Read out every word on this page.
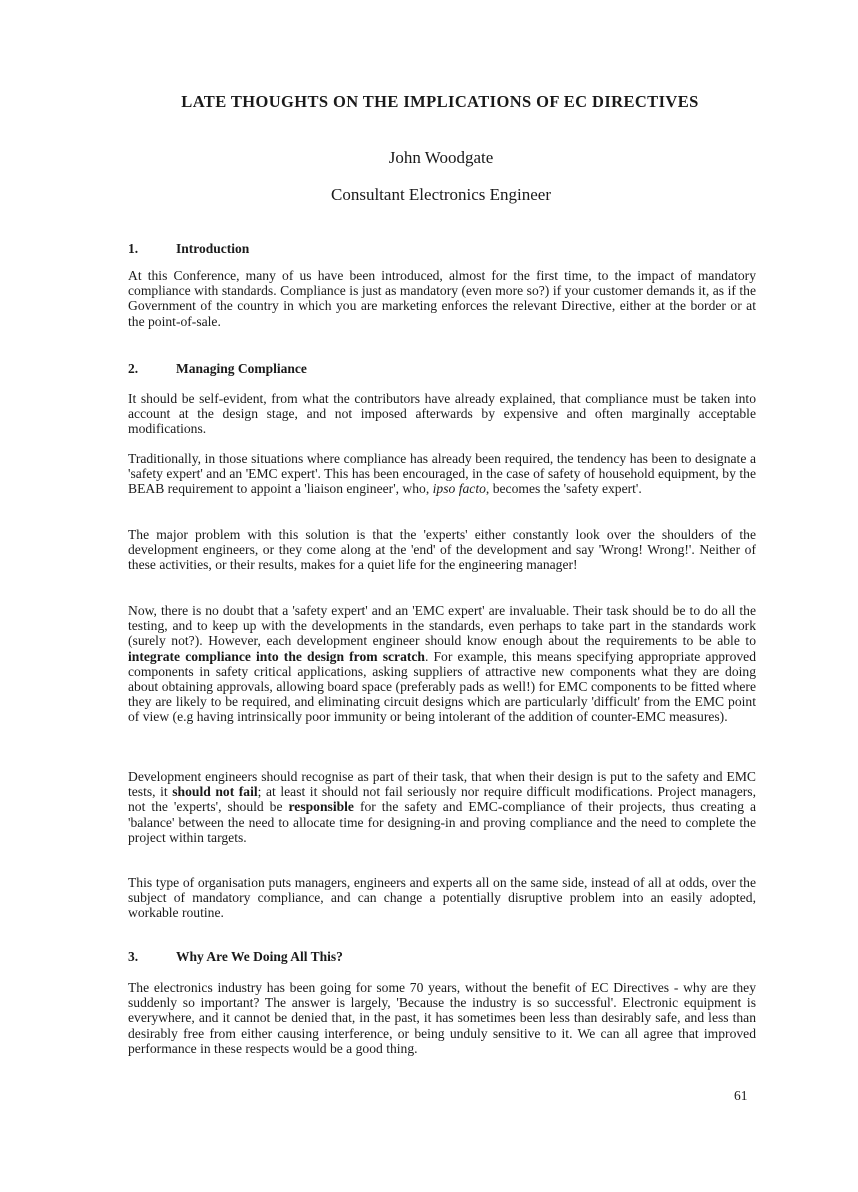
LATE THOUGHTS ON THE IMPLICATIONS OF EC DIRECTIVES

John Woodgate

Consultant Electronics Engineer

1.	Introduction

At this Conference, many of us have been introduced, almost for the first time, to the impact of mandatory compliance with standards. Compliance is just as mandatory (even more so?) if your customer demands it, as if the Government of the country in which you are marketing enforces the relevant Directive, either at the border or at the point-of-sale.

2.	Managing Compliance

It should be self-evident, from what the contributors have already explained, that compliance must be taken into account at the design stage, and not imposed afterwards by expensive and often marginally acceptable modifications.

Traditionally, in those situations where compliance has already been required, the tendency has been to designate a 'safety expert' and an 'EMC expert'. This has been encouraged, in the case of safety of household equipment, by the BEAB requirement to appoint a 'liaison engineer', who, ipso facto, becomes the 'safety expert'.

The major problem with this solution is that the 'experts' either constantly look over the shoulders of the development engineers, or they come along at the 'end' of the development and say 'Wrong! Wrong!'. Neither of these activities, or their results, makes for a quiet life for the engineering manager!

Now, there is no doubt that a 'safety expert' and an 'EMC expert' are invaluable. Their task should be to do all the testing, and to keep up with the developments in the standards, even perhaps to take part in the standards work (surely not?). However, each development engineer should know enough about the requirements to be able to integrate compliance into the design from scratch. For example, this means specifying appropriate approved components in safety critical applications, asking suppliers of attractive new components what they are doing about obtaining approvals, allowing board space (preferably pads as well!) for EMC components to be fitted where they are likely to be required, and eliminating circuit designs which are particularly 'difficult' from the EMC point of view (e.g having intrinsically poor immunity or being intolerant of the addition of counter-EMC measures).

Development engineers should recognise as part of their task, that when their design is put to the safety and EMC tests, it should not fail; at least it should not fail seriously nor require difficult modifications. Project managers, not the 'experts', should be responsible for the safety and EMC-compliance of their projects, thus creating a 'balance' between the need to allocate time for designing-in and proving compliance and the need to complete the project within targets.

This type of organisation puts managers, engineers and experts all on the same side, instead of all at odds, over the subject of mandatory compliance, and can change a potentially disruptive problem into an easily adopted, workable routine.

3.	Why Are We Doing All This?

The electronics industry has been going for some 70 years, without the benefit of EC Directives - why are they suddenly so important? The answer is largely, 'Because the industry is so successful'. Electronic equipment is everywhere, and it cannot be denied that, in the past, it has sometimes been less than desirably safe, and less than desirably free from either causing interference, or being unduly sensitive to it. We can all agree that improved performance in these respects would be a good thing.

61
